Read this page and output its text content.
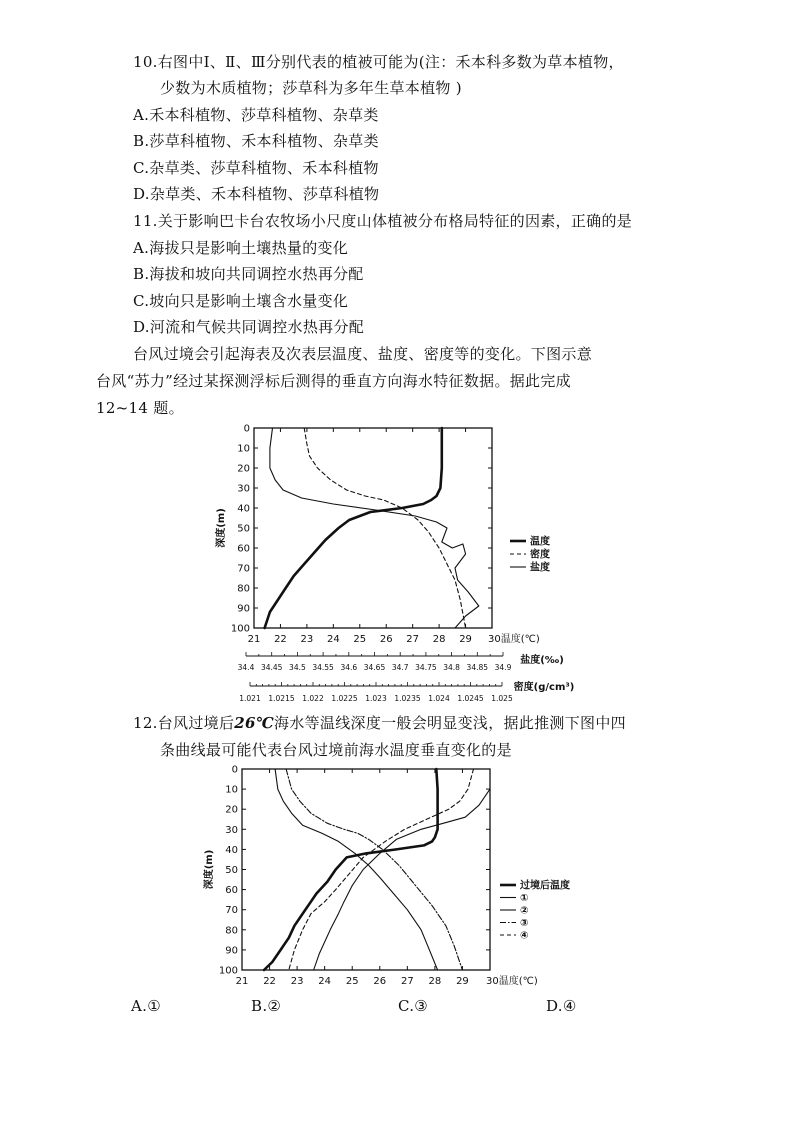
10.右图中Ⅰ、Ⅱ、Ⅲ分别代表的植被可能为(注：禾本科多数为草本植物，
少数为木质植物；莎草科为多年生草本植物 )
A.禾本科植物、莎草科植物、杂草类
B.莎草科植物、禾本科植物、杂草类
C.杂草类、莎草科植物、禾本科植物
D.杂草类、禾本科植物、莎草科植物
11.关于影响巴卡台农牧场小尺度山体植被分布格局特征的因素，正确的是
A.海拔只是影响土壤热量的变化
B.海拔和坡向共同调控水热再分配
C.坡向只是影响土壤含水量变化
D.河流和气候共同调控水热再分配
台风过境会引起海表及次表层温度、盐度、密度等的变化。下图示意
台风“苏力”经过某探测浮标后测得的垂直方向海水特征数据。据此完成
12~14 题。
0
10
20
30
40
50
60
70
80
90
100
深度(m)
21 22 23 24 25 26 27 28 29 30温度(℃)
温度
密度
盐度
34.4 34.45 34.5 34.55 34.6 34.65 34.7 34.75 34.8 34.85 34.9
盐度(‰)
1.021 1.0215 1.022 1.0225 1.023 1.0235 1.024 1.0245 1.025
密度(g/cm³)
12.台风过境后26℃海水等温线深度一般会明显变浅，据此推测下图中四
条曲线最可能代表台风过境前海水温度垂直变化的是
0
10
20
30
40
50
60
70
80
90
100
深度(m)
21 22 23 24 25 26 27 28 29 30温度(℃)
过境后温度
①
②
③
④
A.①	B.②	C.③	D.④
